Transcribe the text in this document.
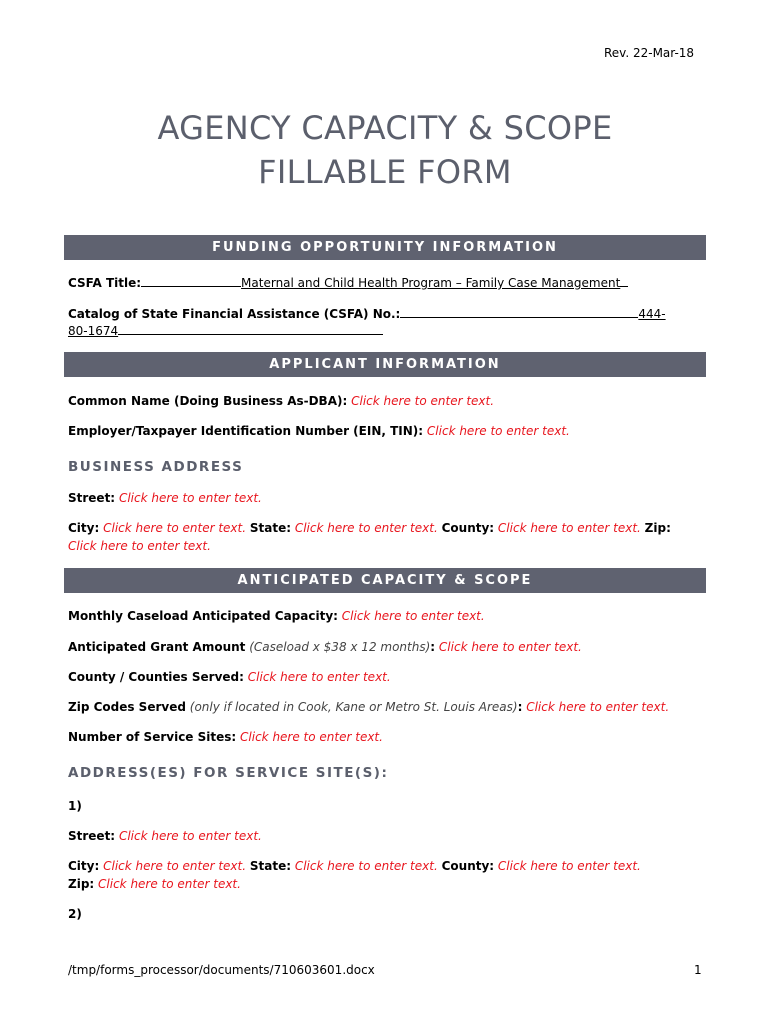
Rev. 22-Mar-18
AGENCY CAPACITY & SCOPE
FILLABLE FORM
FUNDING OPPORTUNITY INFORMATION
CSFA Title:	Maternal and Child Health Program – Family Case Management
Catalog of State Financial Assistance (CSFA) No.:	444-
80-1674
APPLICANT INFORMATION
Common Name (Doing Business As-DBA): Click here to enter text.
Employer/Taxpayer Identification Number (EIN, TIN): Click here to enter text.
BUSINESS ADDRESS
Street: Click here to enter text.
City: Click here to enter text. State: Click here to enter text. County: Click here to enter text. Zip:
Click here to enter text.
ANTICIPATED CAPACITY & SCOPE
Monthly Caseload Anticipated Capacity: Click here to enter text.
Anticipated Grant Amount (Caseload x $38 x 12 months): Click here to enter text.
County / Counties Served: Click here to enter text.
Zip Codes Served (only if located in Cook, Kane or Metro St. Louis Areas): Click here to enter text.
Number of Service Sites: Click here to enter text.
ADDRESS(ES) FOR SERVICE SITE(S):
1)
Street: Click here to enter text.
City: Click here to enter text. State: Click here to enter text. County: Click here to enter text.
Zip: Click here to enter text.
2)
/tmp/forms_processor/documents/710603601.docx	1
